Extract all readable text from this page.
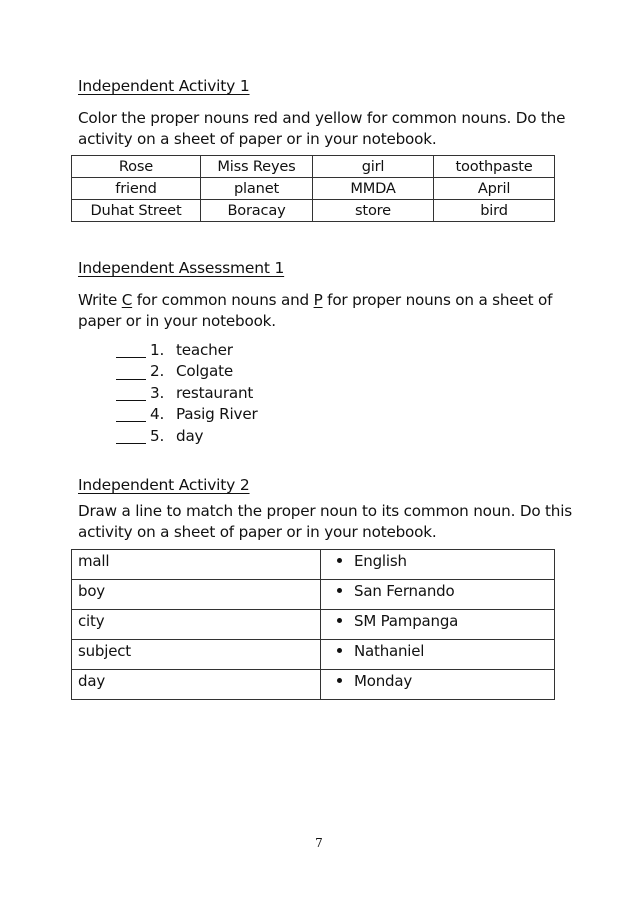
Independent Activity 1

Color the proper nouns red and yellow for common nouns. Do the activity on a sheet of paper or in your notebook.

Rose	Miss Reyes	girl	toothpaste
friend	planet	MMDA	April
Duhat Street	Boracay	store	bird
Independent Assessment 1

Write C for common nouns and P for proper nouns on a sheet of paper or in your notebook.

1. teacher
2. Colgate
3. restaurant
4. Pasig River
5. day
Independent Activity 2

Draw a line to match the proper noun to its common noun. Do this activity on a sheet of paper or in your notebook.

mall	English
boy	San Fernando
city	SM Pampanga
subject	Nathaniel
day	Monday
7
